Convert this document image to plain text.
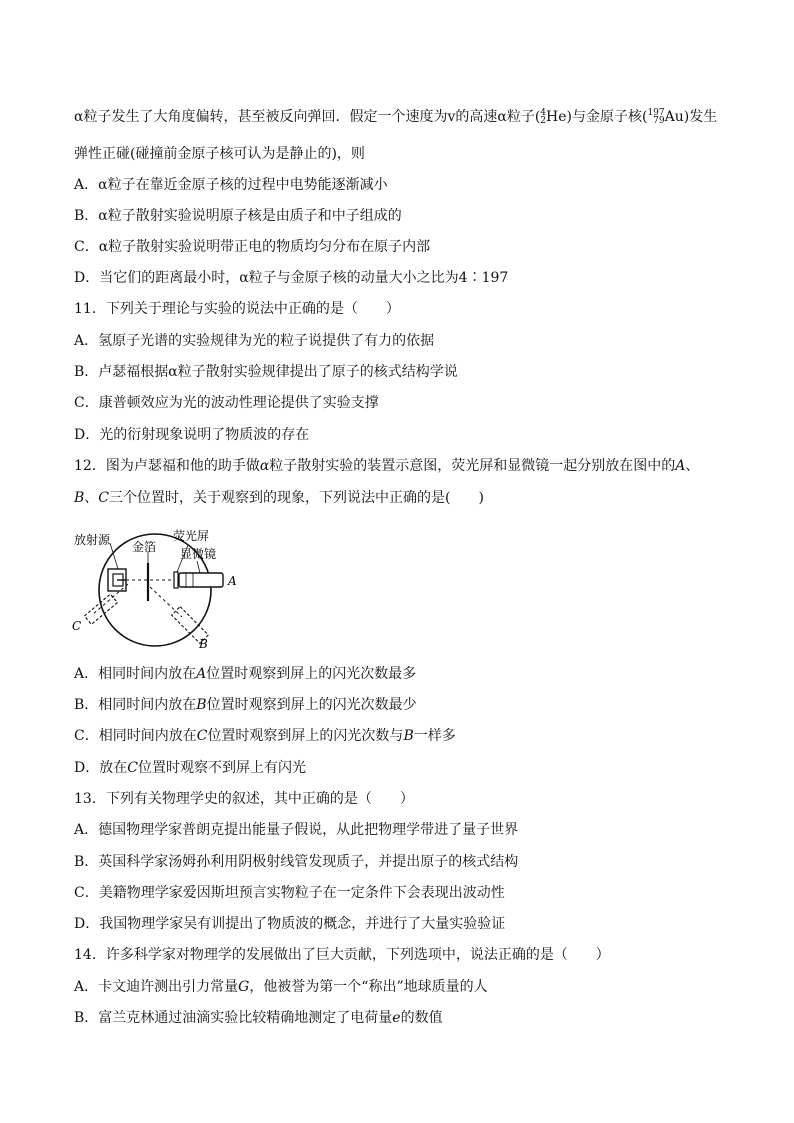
α粒子发生了大角度偏转，甚至被反向弹回．假定一个速度为v的高速α粒子( 4
2 He)与金原子核( 197
79 Au)发生
弹性正碰(碰撞前金原子核可认为是静止的)，则
A．α粒子在靠近金原子核的过程中电势能逐渐减小
B．α粒子散射实验说明原子核是由质子和中子组成的
C．α粒子散射实验说明带正电的物质均匀分布在原子内部
D．当它们的距离最小时，α粒子与金原子核的动量大小之比为4∶197
11．下列关于理论与实验的说法中正确的是（　　）
A．氢原子光谱的实验规律为光的粒子说提供了有力的依据
B．卢瑟福根据α粒子散射实验规律提出了原子的核式结构学说
C．康普顿效应为光的波动性理论提供了实验支撑
D．光的衍射现象说明了物质波的存在
12．图为卢瑟福和他的助手做α粒子散射实验的装置示意图，荧光屏和显微镜一起分别放在图中的A、
B、C三个位置时，关于观察到的现象，下列说法中正确的是(　　)
放射源 金箔
荧光屏
显微镜
A
B
C
A．相同时间内放在A位置时观察到屏上的闪光次数最多
B．相同时间内放在B位置时观察到屏上的闪光次数最少
C．相同时间内放在C位置时观察到屏上的闪光次数与B一样多
D．放在C位置时观察不到屏上有闪光
13．下列有关物理学史的叙述，其中正确的是（　　）
A．德国物理学家普朗克提出能量子假说，从此把物理学带进了量子世界
B．英国科学家汤姆孙利用阴极射线管发现质子，并提出原子的核式结构
C．美籍物理学家爱因斯坦预言实物粒子在一定条件下会表现出波动性
D．我国物理学家吴有训提出了物质波的概念，并进行了大量实验验证
14．许多科学家对物理学的发展做出了巨大贡献，下列选项中，说法正确的是（　　）
A．卡文迪许测出引力常量G，他被誉为第一个“称出”地球质量的人
B．富兰克林通过油滴实验比较精确地测定了电荷量e的数值
